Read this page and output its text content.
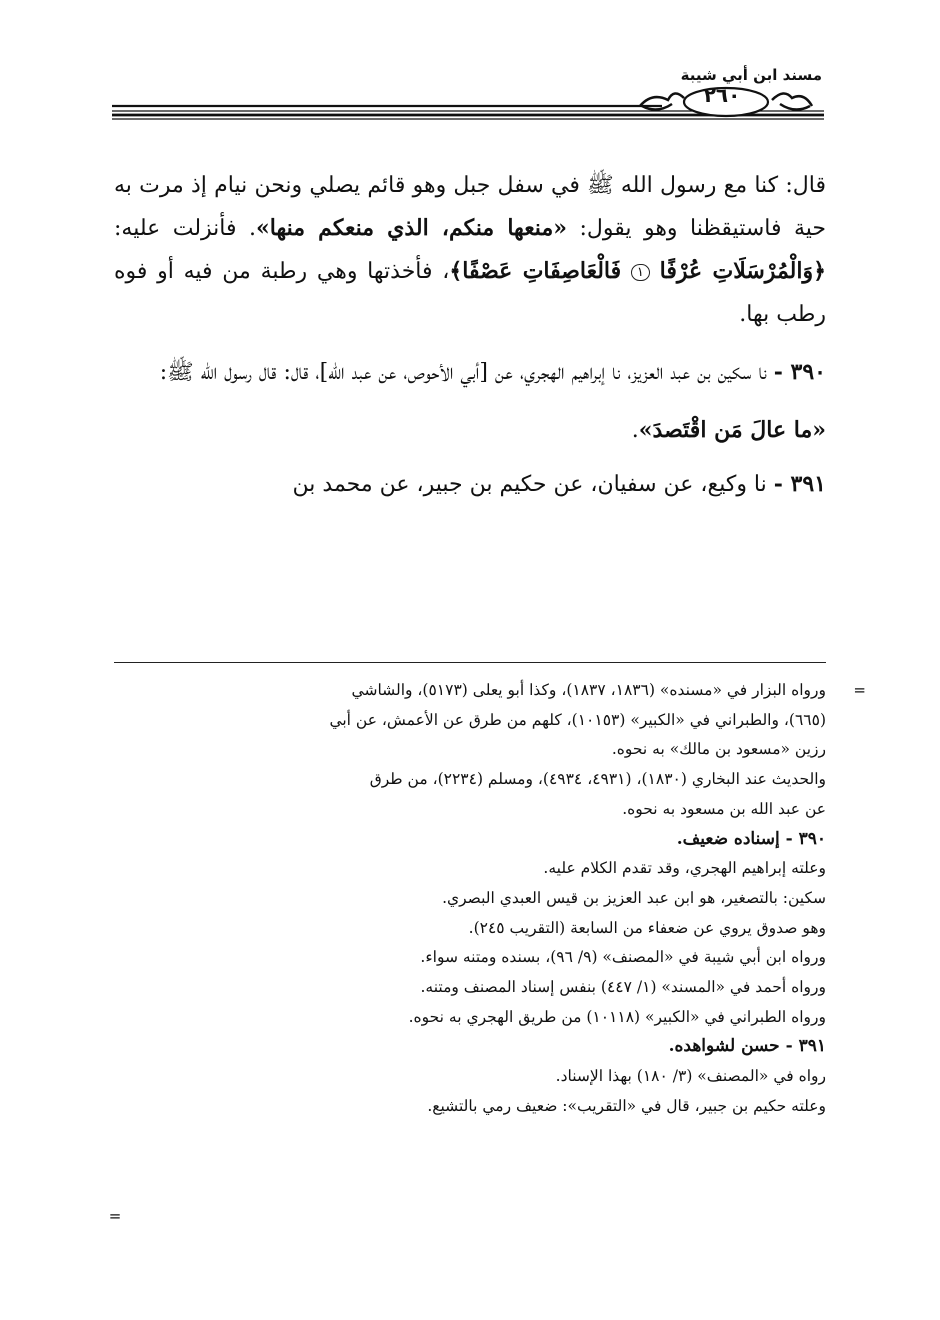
مسند ابن أبي شيبة
٢٦٠

قال: كنا مع رسول الله ﷺ في سفل جبل وهو قائم يصلي ونحن نيام إذ مرت به حية فاستيقظنا وهو يقول: «منعها منكم، الذي منعكم منها». فأنزلت عليه: ﴿وَالْمُرْسَلَاتِ عُرْفًا ١ فَالْعَاصِفَاتِ عَصْفًا﴾، فأخذتها وهي رطبة من فيه أو فوه رطب بها.

٣٩٠ - نا سكين بن عبد العزيز، نا إبراهيم الهجري، عن [أبي الأحوص، عن عبد الله]، قال: قال رسول الله ﷺ:

«ما عالَ مَن اقْتَصدَ».

٣٩١ - نا وكيع، عن سفيان، عن حكيم بن جبير، عن محمد بن

=
ورواه البزار في «مسنده» (١٨٣٦، ١٨٣٧)، وكذا أبو يعلى (٥١٧٣)، والشاشي

(٦٦٥)، والطبراني في «الكبير» (١٠١٥٣)، كلهم من طرق عن الأعمش، عن أبي

رزين «مسعود بن مالك» به نحوه.

والحديث عند البخاري (١٨٣٠)، (٤٩٣١، ٤٩٣٤)، ومسلم (٢٢٣٤)، من طرق

عن عبد الله بن مسعود به نحوه.

٣٩٠ - إسناده ضعيف.

وعلته إبراهيم الهجري، وقد تقدم الكلام عليه.

سكين: بالتصغير، هو ابن عبد العزيز بن قيس العبدي البصري.

وهو صدوق يروي عن ضعفاء من السابعة (التقريب ٢٤٥).

ورواه ابن أبي شيبة في «المصنف» (٩/ ٩٦)، بسنده ومتنه سواء.

ورواه أحمد في «المسند» (١/ ٤٤٧) بنفس إسناد المصنف ومتنه.

ورواه الطبراني في «الكبير» (١٠١١٨) من طريق الهجري به نحوه.

٣٩١ - حسن لشواهده.

رواه في «المصنف» (٣/ ١٨٠) بهذا الإسناد.

وعلته حكيم بن جبير، قال في «التقريب»: ضعيف رمي بالتشيع.

=
